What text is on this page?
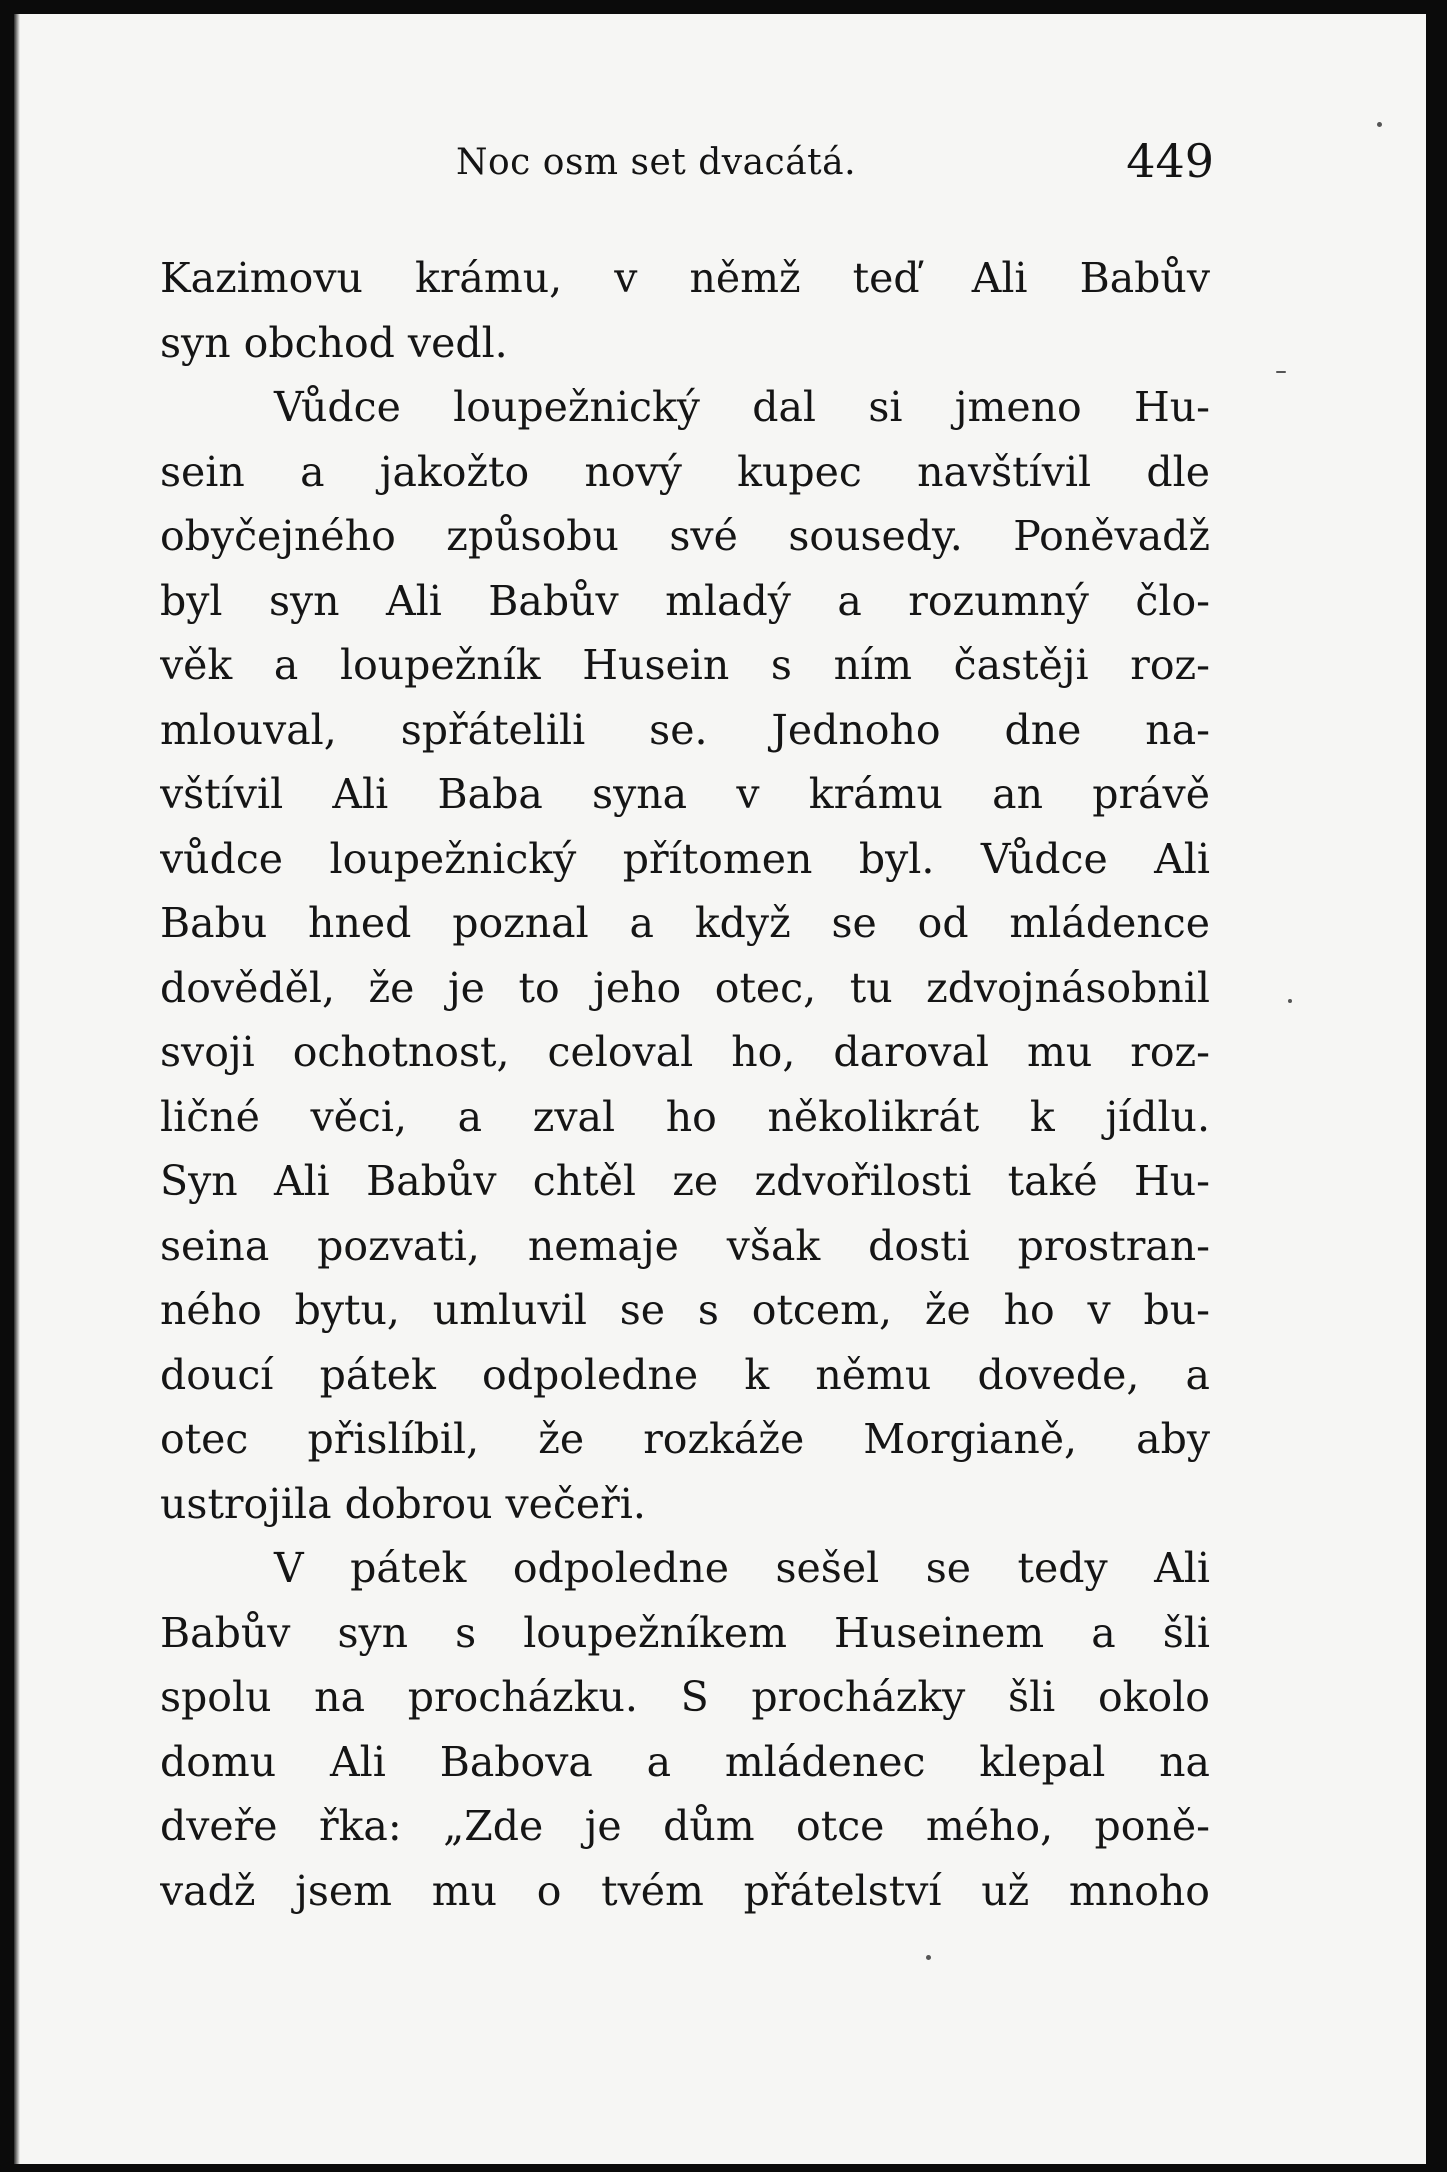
Noc osm set dvacátá.	449
Kazimovu krámu, v němž teď Ali Babův
syn obchod vedl.
Vůdce loupežnický dal si jmeno Hu-
sein a jakožto nový kupec navštívil dle
obyčejného způsobu své sousedy. Poněvadž
byl syn Ali Babův mladý a rozumný člo-
věk a loupežník Husein s ním častěji roz-
mlouval, spřátelili se. Jednoho dne na-
vštívil Ali Baba syna v krámu an právě
vůdce loupežnický přítomen byl. Vůdce Ali
Babu hned poznal a když se od mládence
dověděl, že je to jeho otec, tu zdvojnásobnil
svoji ochotnost, celoval ho, daroval mu roz-
ličné věci, a zval ho několikrát k jídlu.
Syn Ali Babův chtěl ze zdvořilosti také Hu-
seina pozvati, nemaje však dosti prostran-
ného bytu, umluvil se s otcem, že ho v bu-
doucí pátek odpoledne k němu dovede, a
otec přislíbil, že rozkáže Morgianě, aby
ustrojila dobrou večeři.
V pátek odpoledne sešel se tedy Ali
Babův syn s loupežníkem Huseinem a šli
spolu na procházku. S procházky šli okolo
domu Ali Babova a mládenec klepal na
dveře řka: „Zde je dům otce mého, poně-
vadž jsem mu o tvém přátelství už mnoho
